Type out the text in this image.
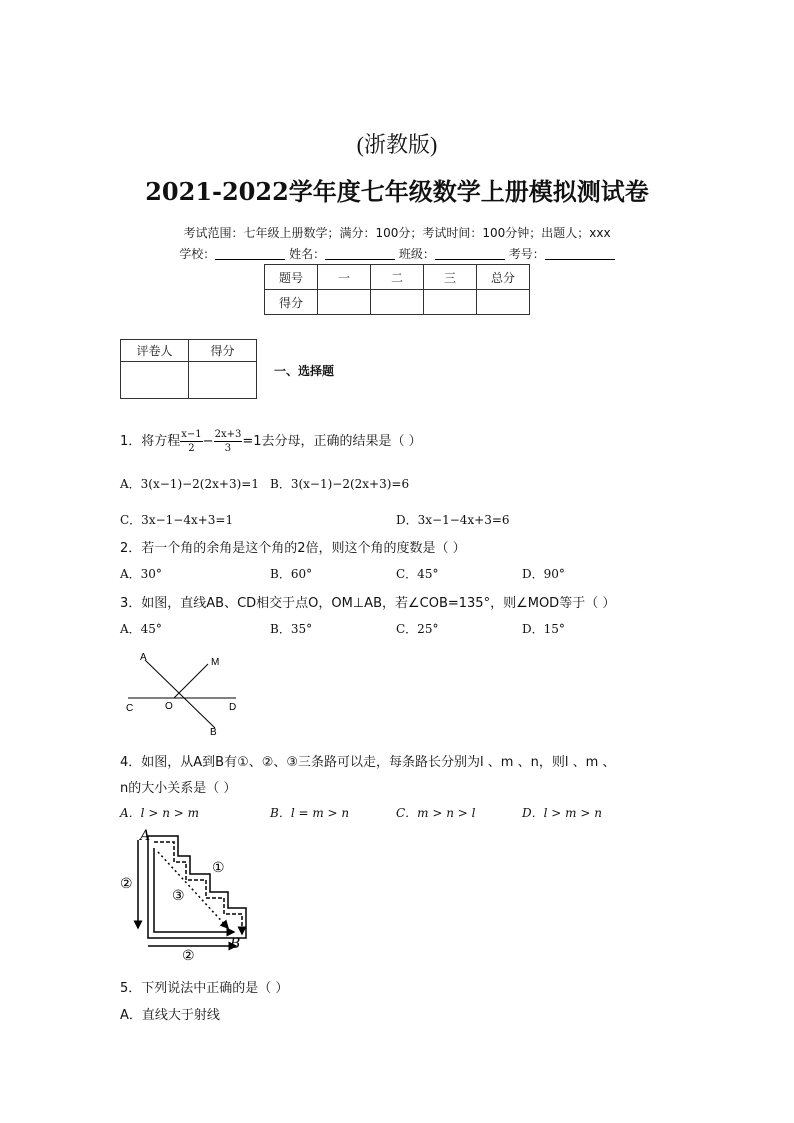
(浙教版)
2021-2022学年度七年级数学上册模拟测试卷
考试范围：七年级上册数学；满分：100分；考试时间：100分钟；出题人；xxx
学校：	姓名：	班级：	考号：
题号	一	二	三	总分
得分				
评卷人	得分

一、选择题
1．将方程 $\frac{x-1}{2} - \frac{2x+3}{3} =1$去分母，正确的结果是（ ）
A．3(x−1)−2(2x+3)=1 B．3(x−1)−2(2x+3)=6
C．3x−1−4x+3=1	D．3x−1−4x+3=6
2．若一个角的余角是这个角的2倍，则这个角的度数是（ ）
A．30°	B．60°	C．45°	D．90°
3．如图，直线AB、CD相交于点O，OM⊥AB，若∠COB=135°，则∠MOD等于（ ）
A．45°	B．35°	C．25°	D．15°
A	M
C	O	D
B
4．如图，从A到B有①、②、③三条路可以走，每条路长分别为l 、m 、n，则l 、m 、
n的大小关系是（ ）
A．l > n > m	B．l = m > n	C．m > n > l	D．l > m > n
A
B
①
②
③
②
5．下列说法中正确的是（ ）
A．直线大于射线
